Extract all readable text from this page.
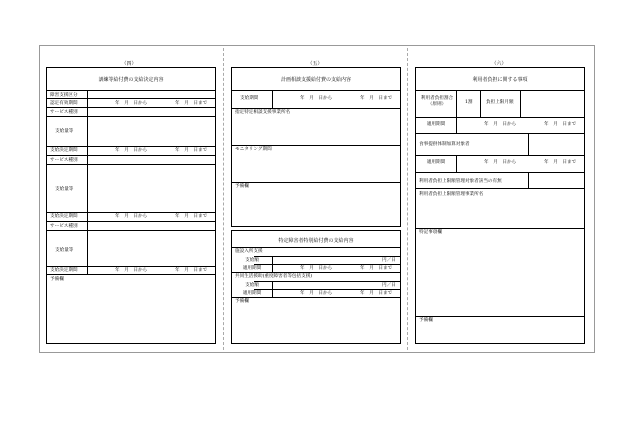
（四）
訓練等給付費の支給決定内容
障害支援区分
認定有効期間	年　月　日から	年　月　日まで
サービス種別
支給量等
支給決定期間	年　月　日から	年　月　日まで
サービス種別
支給量等
支給決定期間	年　月　日から	年　月　日まで
サービス種別
支給量等
支給決定期間	年　月　日から	年　月　日まで
予備欄
（五）
計画相談支援給付費の支給内容
支給期間	年　月　日から	年　月　日まで
指定特定相談支援事業所名
モニタリング期間
予備欄
特定障害者特別給付費の支給内容
施設入所支援
支給額	円／日
適用期間	年　月　日から	年　月　日まで
共同生活援助(重度障害者等包括支援)
支給額	円／日
適用期間	年　月　日から	年　月　日まで
予備欄
（六）
利用者負担に関する事項
利用者負担割合（原則）	1割	負担上限月額
適用期間	年　月　日から	年　月　日まで
食事提供体制加算対象者
適用期間	年　月　日から	年　月　日まで
利用者負担上限額管理対象者該当の有無
利用者負担上限額管理事業所名
特記事項欄
予備欄
